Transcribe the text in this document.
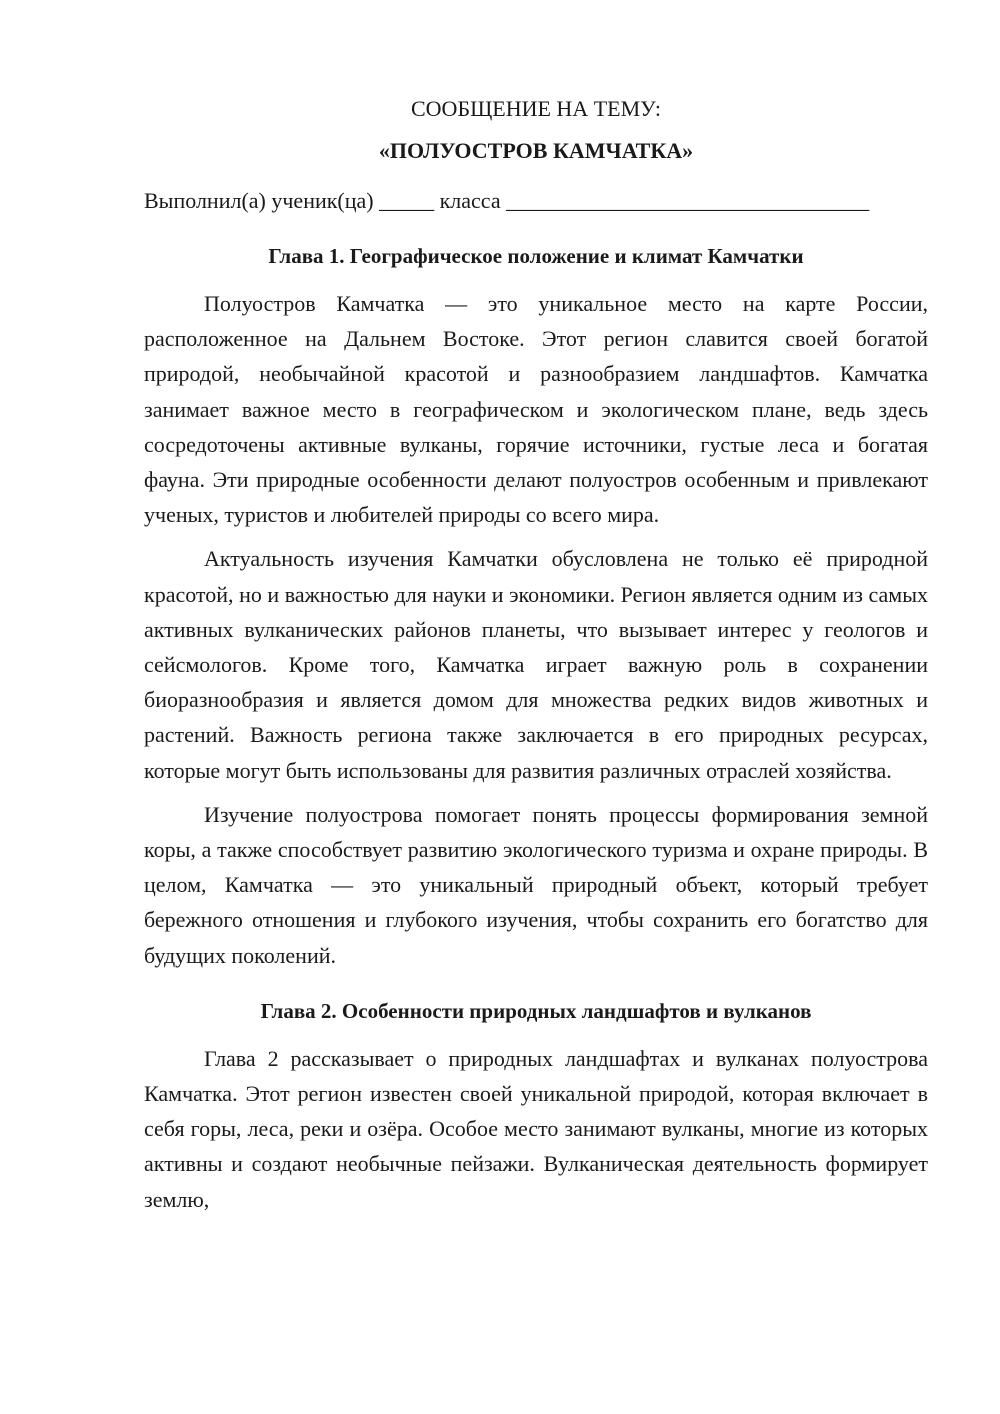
СООБЩЕНИЕ НА ТЕМУ:

«ПОЛУОСТРОВ КАМЧАТКА»

Выполнил(а) ученик(ца) _____ класса _________________________________
Глава 1. Географическое положение и климат Камчатки

Полуостров Камчатка — это уникальное место на карте России, расположенное на Дальнем Востоке. Этот регион славится своей богатой природой, необычайной красотой и разнообразием ландшафтов. Камчатка занимает важное место в географическом и экологическом плане, ведь здесь сосредоточены активные вулканы, горячие источники, густые леса и богатая фауна. Эти природные особенности делают полуостров особенным и привлекают ученых, туристов и любителей природы со всего мира.

Актуальность изучения Камчатки обусловлена не только её природной красотой, но и важностью для науки и экономики. Регион является одним из самых активных вулканических районов планеты, что вызывает интерес у геологов и сейсмологов. Кроме того, Камчатка играет важную роль в сохранении биоразнообразия и является домом для множества редких видов животных и растений. Важность региона также заключается в его природных ресурсах, которые могут быть использованы для развития различных отраслей хозяйства.

Изучение полуострова помогает понять процессы формирования земной коры, а также способствует развитию экологического туризма и охране природы. В целом, Камчатка — это уникальный природный объект, который требует бережного отношения и глубокого изучения, чтобы сохранить его богатство для будущих поколений.

Глава 2. Особенности природных ландшафтов и вулканов

Глава 2 рассказывает о природных ландшафтах и вулканах полуострова Камчатка. Этот регион известен своей уникальной природой, которая включает в себя горы, леса, реки и озёра. Особое место занимают вулканы, многие из которых активны и создают необычные пейзажи. Вулканическая деятельность формирует землю,
